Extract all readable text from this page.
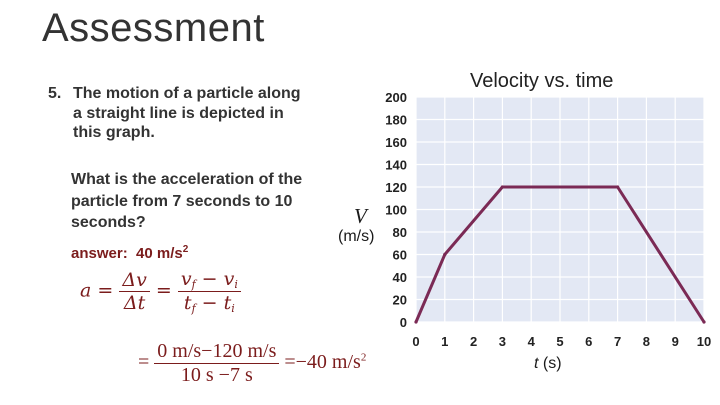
Assessment
5. The motion of a particle along a straight line is depicted in this graph.
What is the acceleration of the particle from 7 seconds to 10 seconds?
answer: 40 $m/s^2$
$a = \frac{\Delta v}{\Delta t} = \frac{v_f - v_i}{t_f - t_i}$
= $\frac{0 m/s-120 m/s}{10 s -7 s} =-40$ $m/s^2$
Velocity vs. time
V
(m/s)
t (s)
0
20
40
60
80
100
120
140
160
180
200
0 1 2 3 4 5 6 7 8 9 10
